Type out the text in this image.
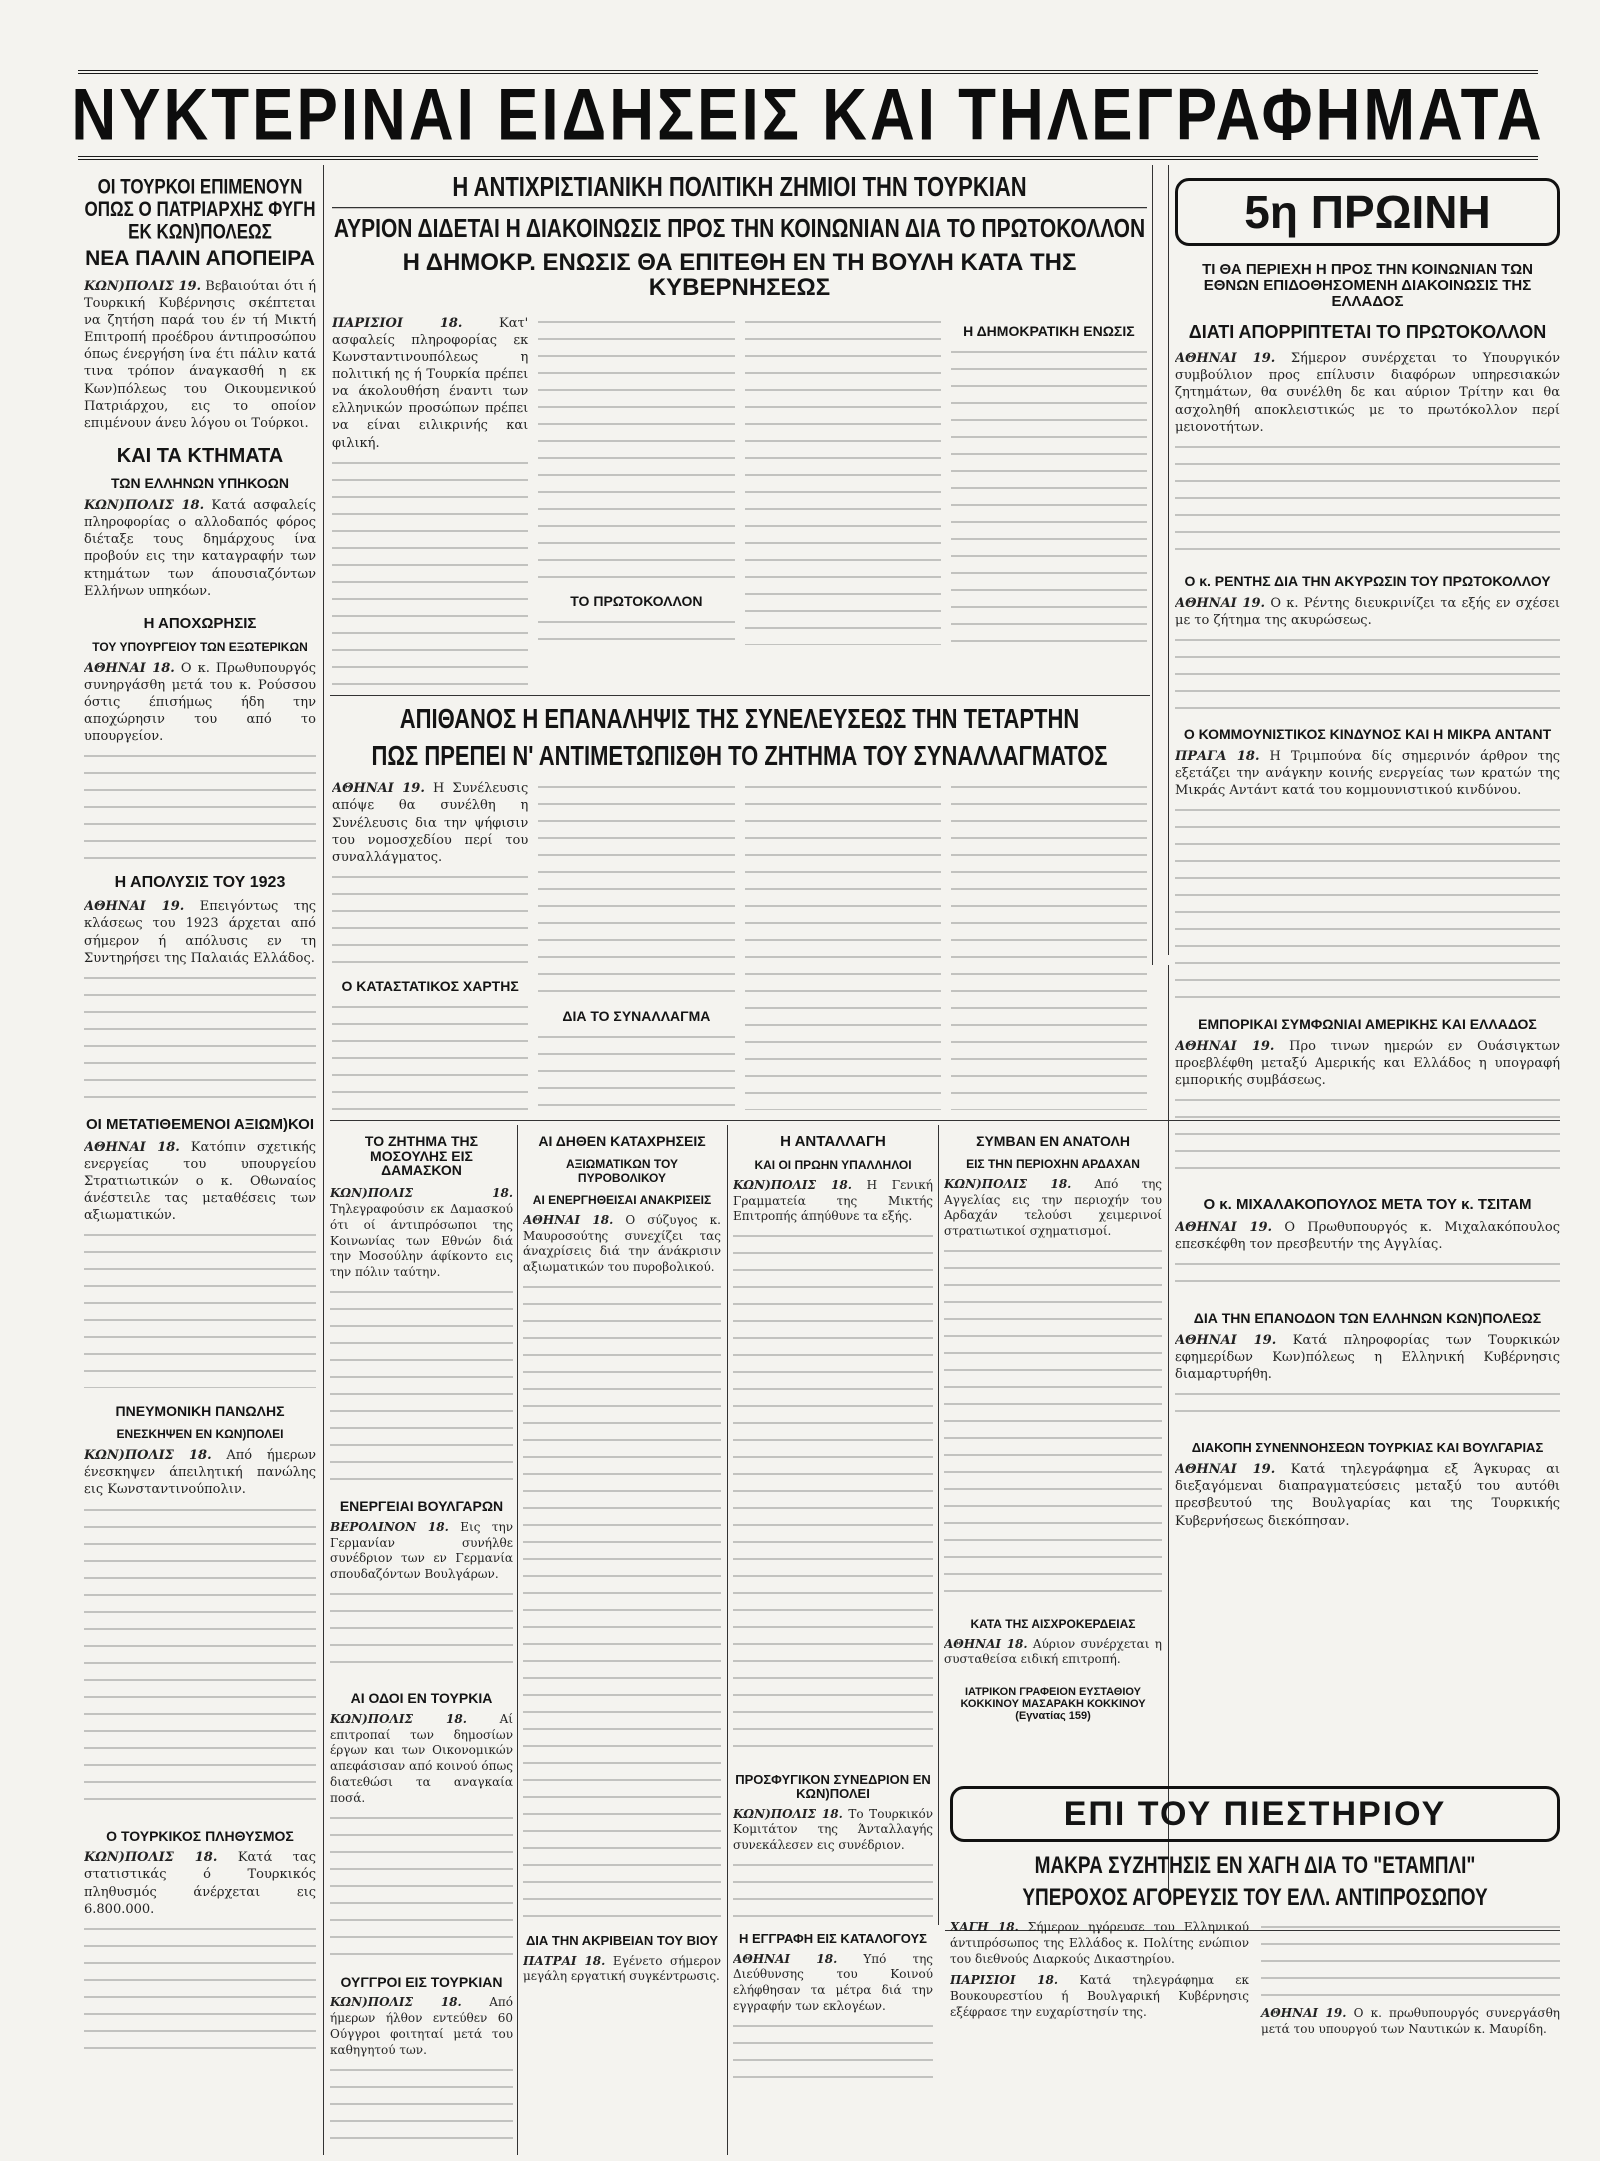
ΝΥΚΤΕΡΙΝΑΙ ΕΙΔΗΣΕΙΣ ΚΑΙ ΤΗΛΕΓΡΑΦΗΜΑΤΑ

ΟΙ ΤΟΥΡΚΟΙ ΕΠΙΜΕΝΟΥΝ ΟΠΩΣ Ο ΠΑΤΡΙΑΡΧΗΣ ΦΥΓΗ ΕΚ ΚΩΝ)ΠΟΛΕΩΣ

ΝΕΑ ΠΑΛΙΝ ΑΠΟΠΕΙΡΑ

ΚΩΝ)ΠΟΛΙΣ 19. Βεβαιούται ότι ή Τουρκική Κυβέρνησις σκέπτεται να ζητήση παρά του έν τή Μικτή Επιτροπή προέδρου άντιπροσώπου όπως ένεργήση ίνα έτι πάλιν κατά τινα τρόπον άναγκασθή η εκ Κων)πόλεως του Οικουμενικού Πατριάρχου, εις το οποίον επιμένουν άνευ λόγου οι Τούρκοι.

ΚΑΙ ΤΑ ΚΤΗΜΑΤΑ

ΤΩΝ ΕΛΛΗΝΩΝ ΥΠΗΚΟΩΝ

ΚΩΝ)ΠΟΛΙΣ 18. Κατά ασφαλείς πληροφορίας ο αλλοδαπός φόρος διέταξε τους δημάρχους ίνα προβούν εις την καταγραφήν των κτημάτων των άπουσιαζόντων Ελλήνων υπηκόων.

Η ΑΠΟΧΩΡΗΣΙΣ

ΤΟΥ ΥΠΟΥΡΓΕΙΟΥ ΤΩΝ ΕΞΩΤΕΡΙΚΩΝ

ΑΘΗΝΑΙ 18. Ο κ. Πρωθυπουργός συνηργάσθη μετά του κ. Ρούσσου όστις έπισήμως ήδη την αποχώρησιν του από το υπουργείον.

Η ΑΠΟΛΥΣΙΣ ΤΟΥ 1923

ΑΘΗΝΑΙ 19. Επειγόντως της κλάσεως του 1923 άρχεται από σήμερον ή απόλυσις εν τη Συντηρήσει της Παλαιάς Ελλάδος.

ΟΙ ΜΕΤΑΤΙΘΕΜΕΝΟΙ ΑΞΙΩΜ)ΚΟΙ

ΑΘΗΝΑΙ 18. Κατόπιν σχετικής ενεργείας του υπουργείου Στρατιωτικών ο κ. Οθωναίος άνέστειλε τας μεταθέσεις των αξιωματικών.

ΠΝΕΥΜΟΝΙΚΗ ΠΑΝΩΛΗΣ

ΕΝΕΣΚΗΨΕΝ ΕΝ ΚΩΝ)ΠΟΛΕΙ

ΚΩΝ)ΠΟΛΙΣ 18. Από ήμερων ένεσκηψεν άπειλητική πανώλης εις Κωνσταντινούπολιν.

Ο ΤΟΥΡΚΙΚΟΣ ΠΛΗΘΥΣΜΟΣ

ΚΩΝ)ΠΟΛΙΣ 18. Κατά τας στατιστικάς ό Τουρκικός πληθυσμός άνέρχεται εις 6.800.000.

Η ΑΝΤΙΧΡΙΣΤΙΑΝΙΚΗ ΠΟΛΙΤΙΚΗ ΖΗΜΙΟΙ ΤΗΝ ΤΟΥΡΚΙΑΝ

ΑΥΡΙΟΝ ΔΙΔΕΤΑΙ Η ΔΙΑΚΟΙΝΩΣΙΣ ΠΡΟΣ ΤΗΝ ΚΟΙΝΩΝΙΑΝ ΔΙΑ ΤΟ ΠΡΩΤΟΚΟΛΛΟΝ

Η ΔΗΜΟΚΡ. ΕΝΩΣΙΣ ΘΑ ΕΠΙΤΕΘΗ ΕΝ ΤΗ ΒΟΥΛΗ ΚΑΤΑ ΤΗΣ ΚΥΒΕΡΝΗΣΕΩΣ

ΠΑΡΙΣΙΟΙ 18.	Κατ' ασφαλείς πληροφορίας εκ Κωνσταντινουπόλεως η πολιτική ης ή Τουρκία πρέπει να άκολουθήση έναντι των ελληνικών προσώπων πρέπει να είναι ειλικρινής και φιλική.

ΤΟ ΠΡΩΤΟΚΟΛΛΟΝ

Η ΔΗΜΟΚΡΑΤΙΚΗ ΕΝΩΣΙΣ

ΑΠΙΘΑΝΟΣ Η ΕΠΑΝΑΛΗΨΙΣ ΤΗΣ ΣΥΝΕΛΕΥΣΕΩΣ ΤΗΝ ΤΕΤΑΡΤΗΝ

ΠΩΣ ΠΡΕΠΕΙ Ν' ΑΝΤΙΜΕΤΩΠΙΣΘΗ ΤΟ ΖΗΤΗΜΑ ΤΟΥ ΣΥΝΑΛΛΑΓΜΑΤΟΣ

ΑΘΗΝΑΙ 19. Η Συνέλευσις απόψε θα συνέλθη η Συνέλευσις δια την ψήφισιν του νομοσχεδίου περί του συναλλάγματος.

Ο ΚΑΤΑΣΤΑΤΙΚΟΣ ΧΑΡΤΗΣ

ΔΙΑ ΤΟ ΣΥΝΑΛΛΑΓΜΑ

ΤΟ ΖΗΤΗΜΑ ΤΗΣ ΜΟΣΟΥΛΗΣ ΕΙΣ ΔΑΜΑΣΚΟΝ

ΚΩΝ)ΠΟΛΙΣ 18. Τηλεγραφούσιν εκ Δαμασκού ότι οί άντιπρόσωποι της Κοινωνίας των Εθνών διά την Μοσούλην άφίκοντο εις την πόλιν ταύτην.

ΕΝΕΡΓΕΙΑΙ ΒΟΥΛΓΑΡΩΝ

ΒΕΡΟΛΙΝΟΝ 18. Εις την Γερμανίαν συνήλθε συνέδριον των εν Γερμανία σπουδαζόντων Βουλγάρων.

ΑΙ ΟΔΟΙ ΕΝ ΤΟΥΡΚΙΑ

ΚΩΝ)ΠΟΛΙΣ 18.	Αί επιτροπαί των δημοσίων έργων και των Οικονομικών απεφάσισαν από κοινού όπως διατεθώσι τα αναγκαία ποσά.

ΟΥΓΓΡΟΙ ΕΙΣ ΤΟΥΡΚΙΑΝ

ΚΩΝ)ΠΟΛΙΣ 18. Από ήμερων ήλθον εντεύθεν 60 Ούγγροι φοιτηταί μετά του καθηγητού των.

ΑΙ ΔΗΘΕΝ ΚΑΤΑΧΡΗΣΕΙΣ

ΑΞΙΩΜΑΤΙΚΩΝ ΤΟΥ ΠΥΡΟΒΟΛΙΚΟΥ

ΑΙ ΕΝΕΡΓΗΘΕΙΣΑΙ ΑΝΑΚΡΙΣΕΙΣ

ΑΘΗΝΑΙ 18. Ο σύζυγος κ. Μαυροσούτης συνεχίζει τας άναχρίσεις διά την άνάκρισιν αξιωματικών του πυροβολικού.

ΔΙΑ ΤΗΝ ΑΚΡΙΒΕΙΑΝ ΤΟΥ ΒΙΟΥ

ΠΑΤΡΑΙ 18. Εγένετο σήμερον μεγάλη εργατική συγκέντρωσις.

Η ΑΝΤΑΛΛΑΓΗ

ΚΑΙ ΟΙ ΠΡΩΗΝ ΥΠΑΛΛΗΛΟΙ

ΚΩΝ)ΠΟΛΙΣ 18. Η Γενική Γραμματεία της Μικτής Επιτροπής άπηύθυνε τα εξής.

ΠΡΟΣΦΥΓΙΚΟΝ ΣΥΝΕΔΡΙΟΝ ΕΝ ΚΩΝ)ΠΟΛΕΙ

ΚΩΝ)ΠΟΛΙΣ 18. Το Τουρκικόν Κομιτάτον της Άνταλλαγής συνεκάλεσεν εις συνέδριον.

Η ΕΓΓΡΑΦΗ ΕΙΣ ΚΑΤΑΛΟΓΟΥΣ

ΑΘΗΝΑΙ 18. Υπό της Διεύθυνσης του Κοινού ελήφθησαν τα μέτρα διά την εγγραφήν των εκλογέων.

ΣΥΜΒΑΝ ΕΝ ΑΝΑΤΟΛΗ

ΕΙΣ ΤΗΝ ΠΕΡΙΟΧΗΝ ΑΡΔΑΧΑΝ

ΚΩΝ)ΠΟΛΙΣ 18. Από της Αγγελίας εις την περιοχήν του Αρδαχάν τελούσι χειμερινοί στρατιωτικοί σχηματισμοί.

ΚΑΤΑ ΤΗΣ ΑΙΣΧΡΟΚΕΡΔΕΙΑΣ

ΑΘΗΝΑΙ 18. Αύριον συνέρχεται η συσταθείσα ειδική επιτροπή.

ΙΑΤΡΙΚΟΝ ΓΡΑΦΕΙΟΝ ΕΥΣΤΑΘΙΟΥ ΚΟΚΚΙΝΟΥ ΜΑΣΑΡΑΚΗ ΚΟΚΚΙΝΟΥ (Εγνατίας 159)

5η ΠΡΩΙΝΗ

ΤΙ ΘΑ ΠΕΡΙΕΧΗ Η ΠΡΟΣ ΤΗΝ ΚΟΙΝΩΝΙΑΝ ΤΩΝ ΕΘΝΩΝ ΕΠΙΔΟΘΗΣΟΜΕΝΗ ΔΙΑΚΟΙΝΩΣΙΣ ΤΗΣ ΕΛΛΑΔΟΣ

ΔΙΑΤΙ ΑΠΟΡΡΙΠΤΕΤΑΙ ΤΟ ΠΡΩΤΟΚΟΛΛΟΝ

ΑΘΗΝΑΙ 19. Σήμερον συνέρχεται το Υπουργικόν συμβούλιον προς επίλυσιν διαφόρων υπηρεσιακών ζητημάτων, θα συνέλθη δε και αύριον Τρίτην και θα ασχοληθή αποκλειστικώς με το πρωτόκολλον περί μειονοτήτων.

Ο κ. ΡΕΝΤΗΣ ΔΙΑ ΤΗΝ ΑΚΥΡΩΣΙΝ ΤΟΥ ΠΡΩΤΟΚΟΛΛΟΥ

ΑΘΗΝΑΙ 19. Ο κ. Ρέντης διευκρινίζει τα εξής εν σχέσει με το ζήτημα της ακυρώσεως.

Ο ΚΟΜΜΟΥΝΙΣΤΙΚΟΣ ΚΙΝΔΥΝΟΣ ΚΑΙ Η ΜΙΚΡΑ ΑΝΤΑΝΤ

ΠΡΑΓΑ 18. Η Τριμπούνα δίς σημερινόν άρθρον της εξετάζει την ανάγκην κοινής ενεργείας των κρατών της Μικράς Αντάντ κατά του κομμουνιστικού κινδύνου.

ΕΜΠΟΡΙΚΑΙ ΣΥΜΦΩΝΙΑΙ ΑΜΕΡΙΚΗΣ ΚΑΙ ΕΛΛΑΔΟΣ

ΑΘΗΝΑΙ 19. Προ τινων ημερών εν Ουάσιγκτων προεβλέφθη μεταξύ Αμερικής και Ελλάδος η υπογραφή εμπορικής συμβάσεως.

Ο κ. ΜΙΧΑΛΑΚΟΠΟΥΛΟΣ ΜΕΤΑ ΤΟΥ κ. ΤΣΙΤΑΜ

ΑΘΗΝΑΙ 19. Ο Πρωθυπουργός κ. Μιχαλακόπουλος επεσκέφθη τον πρεσβευτήν της Αγγλίας.

ΔΙΑ ΤΗΝ ΕΠΑΝΟΔΟΝ ΤΩΝ ΕΛΛΗΝΩΝ ΚΩΝ)ΠΟΛΕΩΣ

ΑΘΗΝΑΙ 19. Κατά πληροφορίας των Τουρκικών εφημερίδων Κων)πόλεως η Ελληνική Κυβέρνησις διαμαρτυρήθη.

ΔΙΑΚΟΠΗ ΣΥΝΕΝΝΟΗΣΕΩΝ ΤΟΥΡΚΙΑΣ ΚΑΙ ΒΟΥΛΓΑΡΙΑΣ

ΑΘΗΝΑΙ 19. Κατά τηλεγράφημα εξ Άγκυρας αι διεξαγόμεναι διαπραγματεύσεις μεταξύ του αυτόθι πρεσβευτού της Βουλγαρίας και της Τουρκικής Κυβερνήσεως διεκόπησαν.

ΕΠΙ ΤΟΥ ΠΙΕΣΤΗΡΙΟΥ

ΜΑΚΡΑ ΣΥΖΗΤΗΣΙΣ ΕΝ ΧΑΓΗ ΔΙΑ ΤΟ "ΕΤΑΜΠΛΙ"

ΥΠΕΡΟΧΟΣ ΑΓΟΡΕΥΣΙΣ ΤΟΥ ΕΛΛ. ΑΝΤΙΠΡΟΣΩΠΟΥ

ΧΑΓΗ 18. Σήμερον ηγόρευσε του Ελληνικού άντιπρόσωπος της Ελλάδος κ. Πολίτης ενώπιον του διεθνούς Διαρκούς Δικαστηρίου.

ΠΑΡΙΣΙΟΙ 18. Κατά τηλεγράφημα εκ Βουκουρεστίου ή Βουλγαρική Κυβέρνησις εξέφρασε την ευχαρίστησίν της.	ΑΘΗΝΑΙ 19. Ο κ. πρωθυπουργός συνεργάσθη μετά του υπουργού των Ναυτικών κ. Μαυρίδη.
